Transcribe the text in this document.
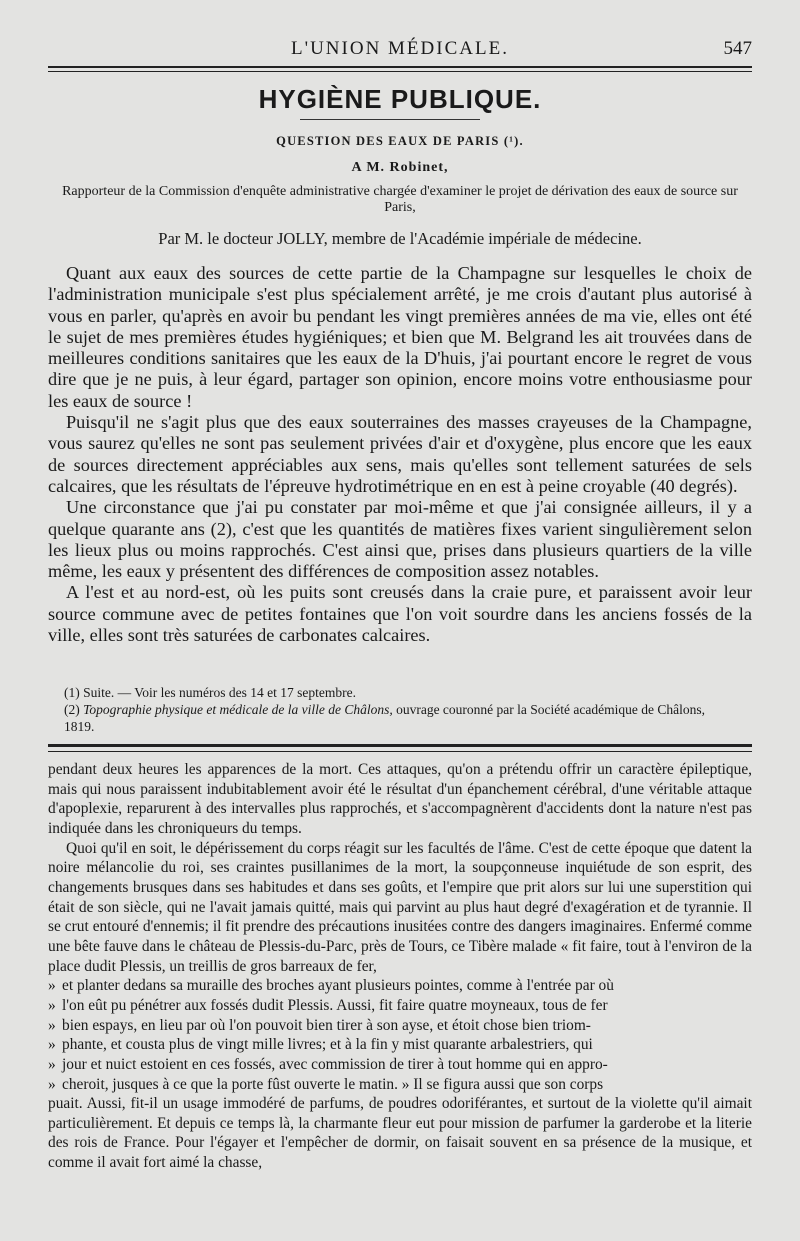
L'UNION MÉDICALE.	547
HYGIÈNE PUBLIQUE.
QUESTION DES EAUX DE PARIS (¹).
A M. Robinet,
Rapporteur de la Commission d'enquête administrative chargée d'examiner le projet de dérivation des eaux de source sur Paris,
Par M. le docteur JOLLY, membre de l'Académie impériale de médecine.

Quant aux eaux des sources de cette partie de la Champagne sur lesquelles le choix de l'administration municipale s'est plus spécialement arrêté, je me crois d'autant plus autorisé à vous en parler, qu'après en avoir bu pendant les vingt premières années de ma vie, elles ont été le sujet de mes premières études hygiéniques; et bien que M. Belgrand les ait trouvées dans de meilleures conditions sanitaires que les eaux de la D'huis, j'ai pourtant encore le regret de vous dire que je ne puis, à leur égard, partager son opinion, encore moins votre enthousiasme pour les eaux de source !

Puisqu'il ne s'agit plus que des eaux souterraines des masses crayeuses de la Champagne, vous saurez qu'elles ne sont pas seulement privées d'air et d'oxygène, plus encore que les eaux de sources directement appréciables aux sens, mais qu'elles sont tellement saturées de sels calcaires, que les résultats de l'épreuve hydrotimétrique en en est à peine croyable (40 degrés).

Une circonstance que j'ai pu constater par moi-même et que j'ai consignée ailleurs, il y a quelque quarante ans (2), c'est que les quantités de matières fixes varient singulièrement selon les lieux plus ou moins rapprochés. C'est ainsi que, prises dans plusieurs quartiers de la ville même, les eaux y présentent des différences de composition assez notables.

A l'est et au nord-est, où les puits sont creusés dans la craie pure, et paraissent avoir leur source commune avec de petites fontaines que l'on voit sourdre dans les anciens fossés de la ville, elles sont très saturées de carbonates calcaires.

(1) Suite. — Voir les numéros des 14 et 17 septembre.

(2) Topographie physique et médicale de la ville de Châlons, ouvrage couronné par la Société académique de Châlons, 1819.

pendant deux heures les apparences de la mort. Ces attaques, qu'on a prétendu offrir un caractère épileptique, mais qui nous paraissent indubitablement avoir été le résultat d'un épanchement cérébral, d'une véritable attaque d'apoplexie, reparurent à des intervalles plus rapprochés, et s'accompagnèrent d'accidents dont la nature n'est pas indiquée dans les chroniqueurs du temps.

Quoi qu'il en soit, le dépérissement du corps réagit sur les facultés de l'âme. C'est de cette époque que datent la noire mélancolie du roi, ses craintes pusillanimes de la mort, la soupçonneuse inquiétude de son esprit, des changements brusques dans ses habitudes et dans ses goûts, et l'empire que prit alors sur lui une superstition qui était de son siècle, qui ne l'avait jamais quitté, mais qui parvint au plus haut degré d'exagération et de tyrannie. Il se crut entouré d'ennemis; il fit prendre des précautions inusitées contre des dangers imaginaires. Enfermé comme une bête fauve dans le château de Plessis-du-Parc, près de Tours, ce Tibère malade « fit faire, tout à l'environ de la place dudit Plessis, un treillis de gros barreaux de fer,

» et planter dedans sa muraille des broches ayant plusieurs pointes, comme à l'entrée par où
» l'on eût pu pénétrer aux fossés dudit Plessis. Aussi, fit faire quatre moyneaux, tous de fer
» bien espays, en lieu par où l'on pouvoit bien tirer à son ayse, et étoit chose bien triom-
» phante, et cousta plus de vingt mille livres; et à la fin y mist quarante arbalestriers, qui
» jour et nuict estoient en ces fossés, avec commission de tirer à tout homme qui en appro-
» cheroit, jusques à ce que la porte fûst ouverte le matin. » Il se figura aussi que son corps

puait. Aussi, fit-il un usage immodéré de parfums, de poudres odoriférantes, et surtout de la violette qu'il aimait particulièrement. Et depuis ce temps là, la charmante fleur eut pour mission de parfumer la garderobe et la literie des rois de France. Pour l'égayer et l'empêcher de dormir, on faisait souvent en sa présence de la musique, et comme il avait fort aimé la chasse,
